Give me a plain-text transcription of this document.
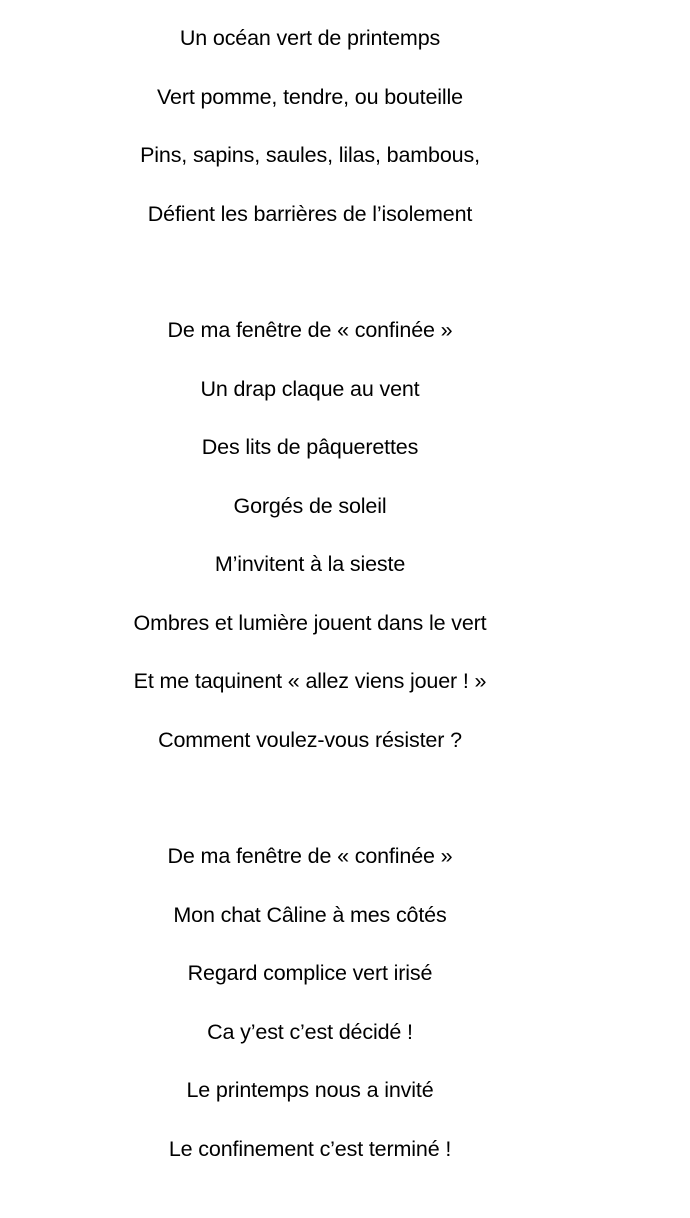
Un océan vert de printemps
Vert pomme, tendre, ou bouteille
Pins, sapins, saules, lilas, bambous,
Défient les barrières de l’isolement
De ma fenêtre de « confinée »
Un drap claque au vent
Des lits de pâquerettes
Gorgés de soleil
M’invitent à la sieste
Ombres et lumière jouent dans le vert
Et me taquinent « allez viens jouer ! »
Comment voulez-vous résister ?
De ma fenêtre de « confinée »
Mon chat Câline à mes côtés
Regard complice vert irisé
Ca y’est c’est décidé !
Le printemps nous a invité
Le confinement c’est terminé !
